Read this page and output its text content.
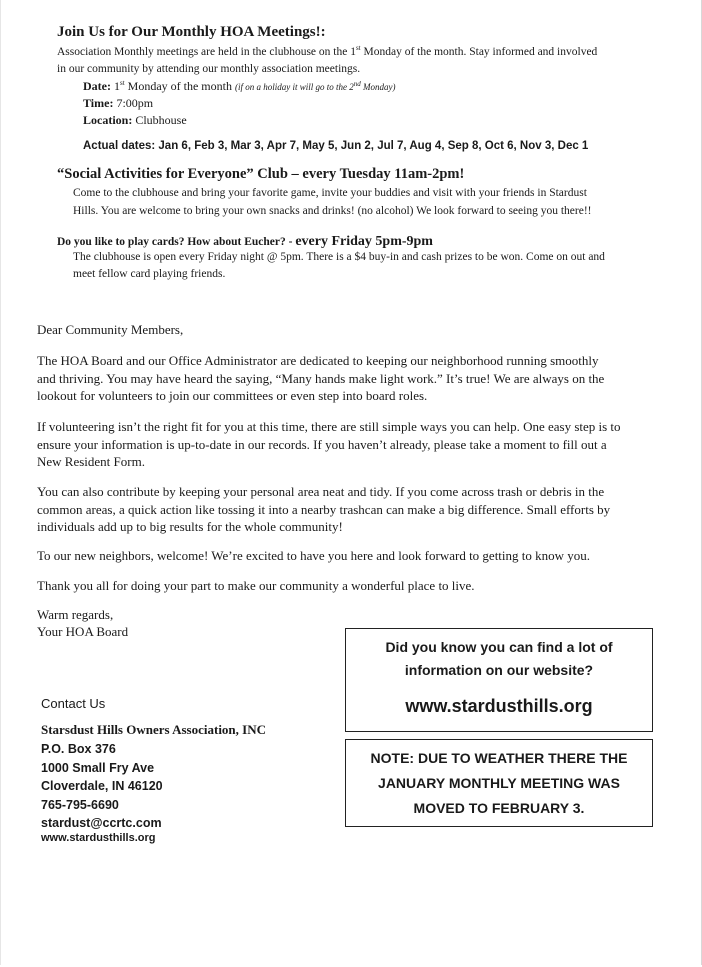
Join Us for Our Monthly HOA Meetings!:
Association Monthly meetings are held in the clubhouse on the 1st Monday of the month. Stay informed and involved
in our community by attending our monthly association meetings.
Date: 1st Monday of the month (if on a holiday it will go to the 2nd Monday)
Time: 7:00pm
Location: Clubhouse
Actual dates: Jan 6, Feb 3, Mar 3, Apr 7, May 5, Jun 2, Jul 7, Aug 4, Sep 8, Oct 6, Nov 3, Dec 1
“Social Activities for Everyone” Club – every Tuesday 11am-2pm!
Come to the clubhouse and bring your favorite game, invite your buddies and visit with your friends in Stardust
Hills. You are welcome to bring your own snacks and drinks! (no alcohol) We look forward to seeing you there!!
Do you like to play cards? How about Eucher? - every Friday 5pm-9pm
The clubhouse is open every Friday night @ 5pm. There is a $4 buy-in and cash prizes to be won. Come on out and
meet fellow card playing friends.
Dear Community Members,
The HOA Board and our Office Administrator are dedicated to keeping our neighborhood running smoothly
and thriving. You may have heard the saying, “Many hands make light work.” It’s true! We are always on the
lookout for volunteers to join our committees or even step into board roles.
If volunteering isn’t the right fit for you at this time, there are still simple ways you can help. One easy step is to
ensure your information is up-to-date in our records. If you haven’t already, please take a moment to fill out a
New Resident Form.
You can also contribute by keeping your personal area neat and tidy. If you come across trash or debris in the
common areas, a quick action like tossing it into a nearby trashcan can make a big difference. Small efforts by
individuals add up to big results for the whole community!
To our new neighbors, welcome! We’re excited to have you here and look forward to getting to know you.
Thank you all for doing your part to make our community a wonderful place to live.
Warm regards,
Your HOA Board
Contact Us
Starsdust Hills Owners Association, INC
P.O. Box 376
1000 Small Fry Ave
Cloverdale, IN 46120
765-795-6690
stardust@ccrtc.com
www.stardusthills.org
Did you know you can find a lot of
information on our website?
www.stardusthills.org
NOTE: DUE TO WEATHER THERE THE
JANUARY MONTHLY MEETING WAS
MOVED TO FEBRUARY 3.
